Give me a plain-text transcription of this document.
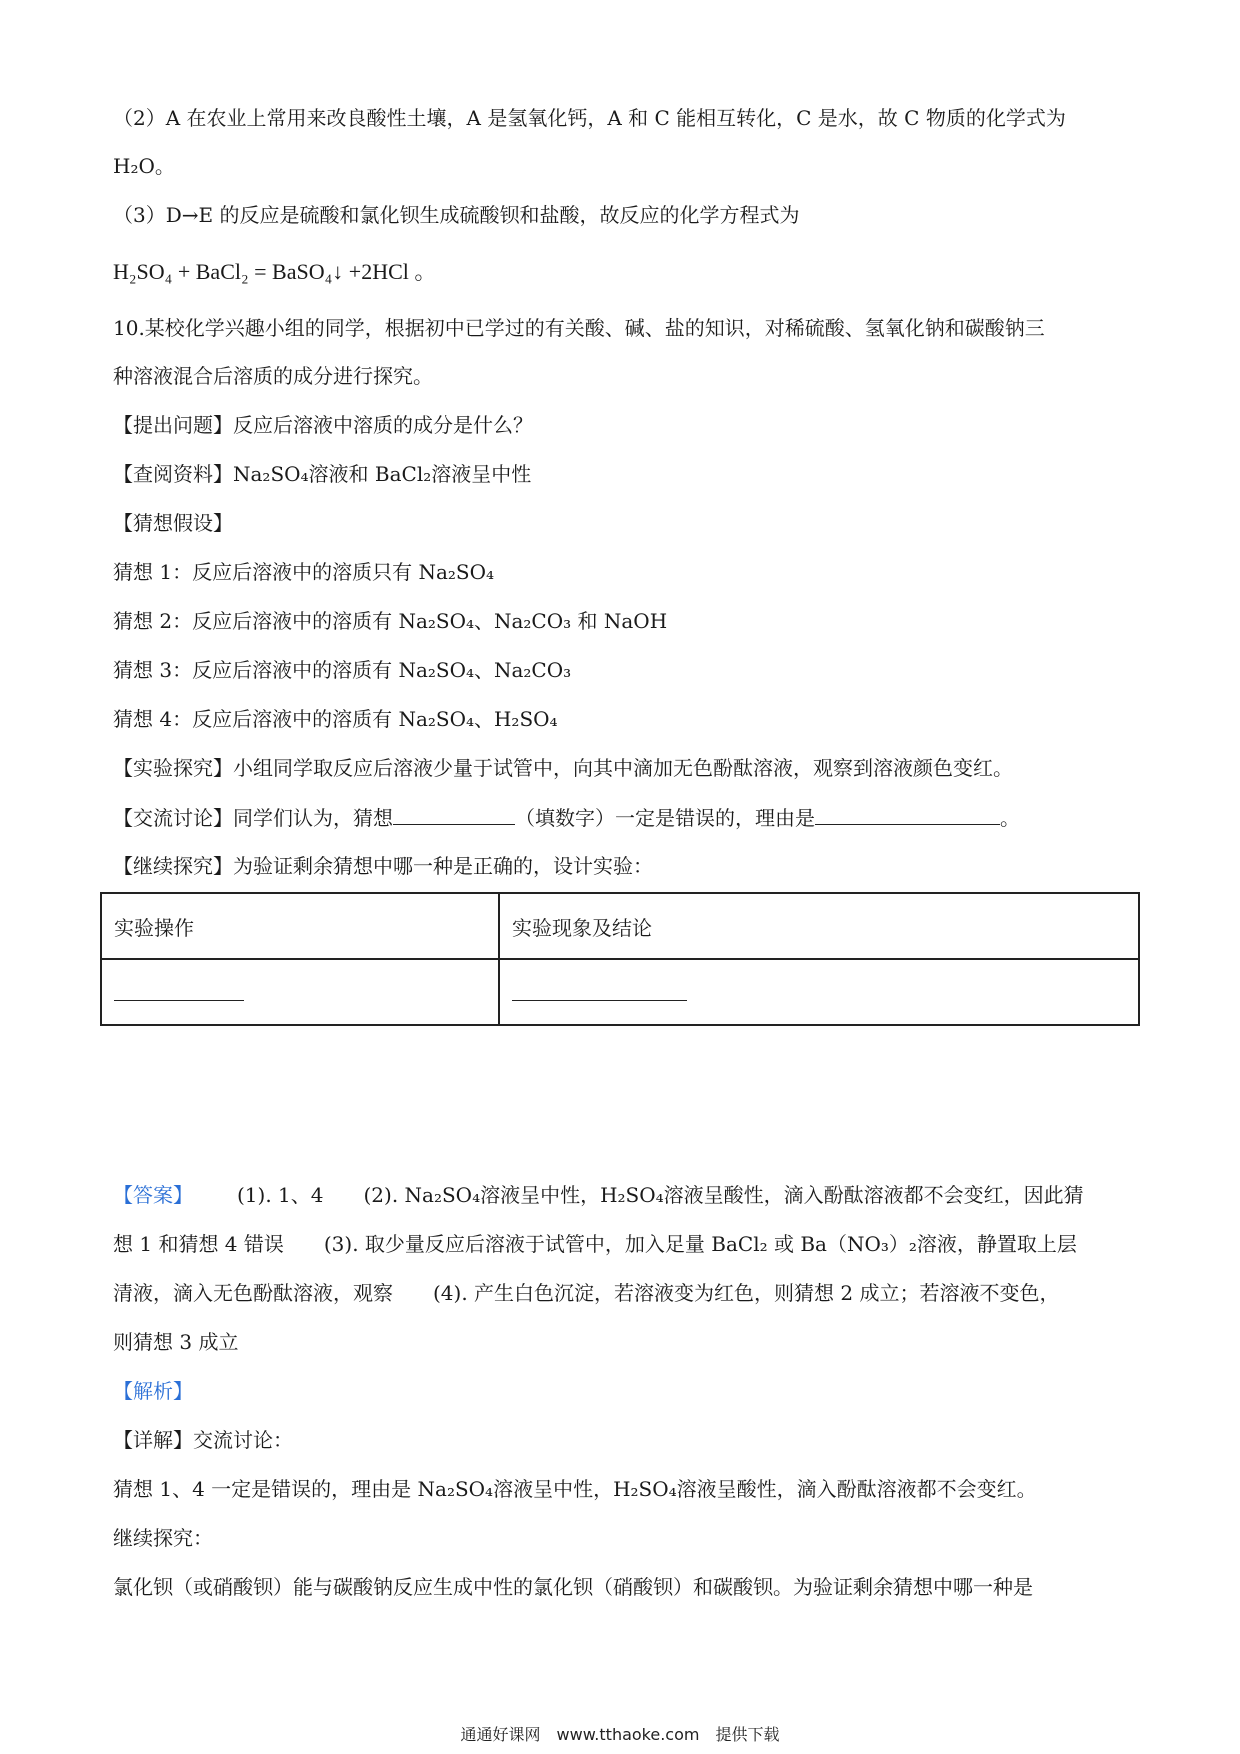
（2）A 在农业上常用来改良酸性土壤，A 是氢氧化钙，A 和 C 能相互转化，C 是水，故 C 物质的化学式为
H₂O。
（3）D→E 的反应是硫酸和氯化钡生成硫酸钡和盐酸，故反应的化学方程式为
H₂SO₄ + BaCl₂ = BaSO₄↓ +2HCl 。
10.某校化学兴趣小组的同学，根据初中已学过的有关酸、碱、盐的知识，对稀硫酸、氢氧化钠和碳酸钠三
种溶液混合后溶质的成分进行探究。
【提出问题】反应后溶液中溶质的成分是什么？
【查阅资料】Na₂SO₄溶液和 BaCl₂溶液呈中性
【猜想假设】
猜想 1：反应后溶液中的溶质只有 Na₂SO₄
猜想 2：反应后溶液中的溶质有 Na₂SO₄、Na₂CO₃ 和 NaOH
猜想 3：反应后溶液中的溶质有 Na₂SO₄、Na₂CO₃
猜想 4：反应后溶液中的溶质有 Na₂SO₄、H₂SO₄
【实验探究】小组同学取反应后溶液少量于试管中，向其中滴加无色酚酞溶液，观察到溶液颜色变红。
【交流讨论】同学们认为，猜想	（填数字）一定是错误的，理由是	。
【继续探究】为验证剩余猜想中哪一种是正确的，设计实验：
实验操作	实验现象及结论

【答案】 (1). 1、4　　(2). Na₂SO₄溶液呈中性，H₂SO₄溶液呈酸性，滴入酚酞溶液都不会变红，因此猜
想 1 和猜想 4 错误　　(3). 取少量反应后溶液于试管中，加入足量 BaCl₂ 或 Ba（NO₃）₂溶液，静置取上层
清液，滴入无色酚酞溶液，观察　　(4). 产生白色沉淀，若溶液变为红色，则猜想 2 成立；若溶液不变色，
则猜想 3 成立
【解析】
【详解】交流讨论：
猜想 1、4 一定是错误的，理由是 Na₂SO₄溶液呈中性，H₂SO₄溶液呈酸性，滴入酚酞溶液都不会变红。
继续探究：
氯化钡（或硝酸钡）能与碳酸钠反应生成中性的氯化钡（硝酸钡）和碳酸钡。为验证剩余猜想中哪一种是
通通好课网　www.tthaoke.com　提供下载
